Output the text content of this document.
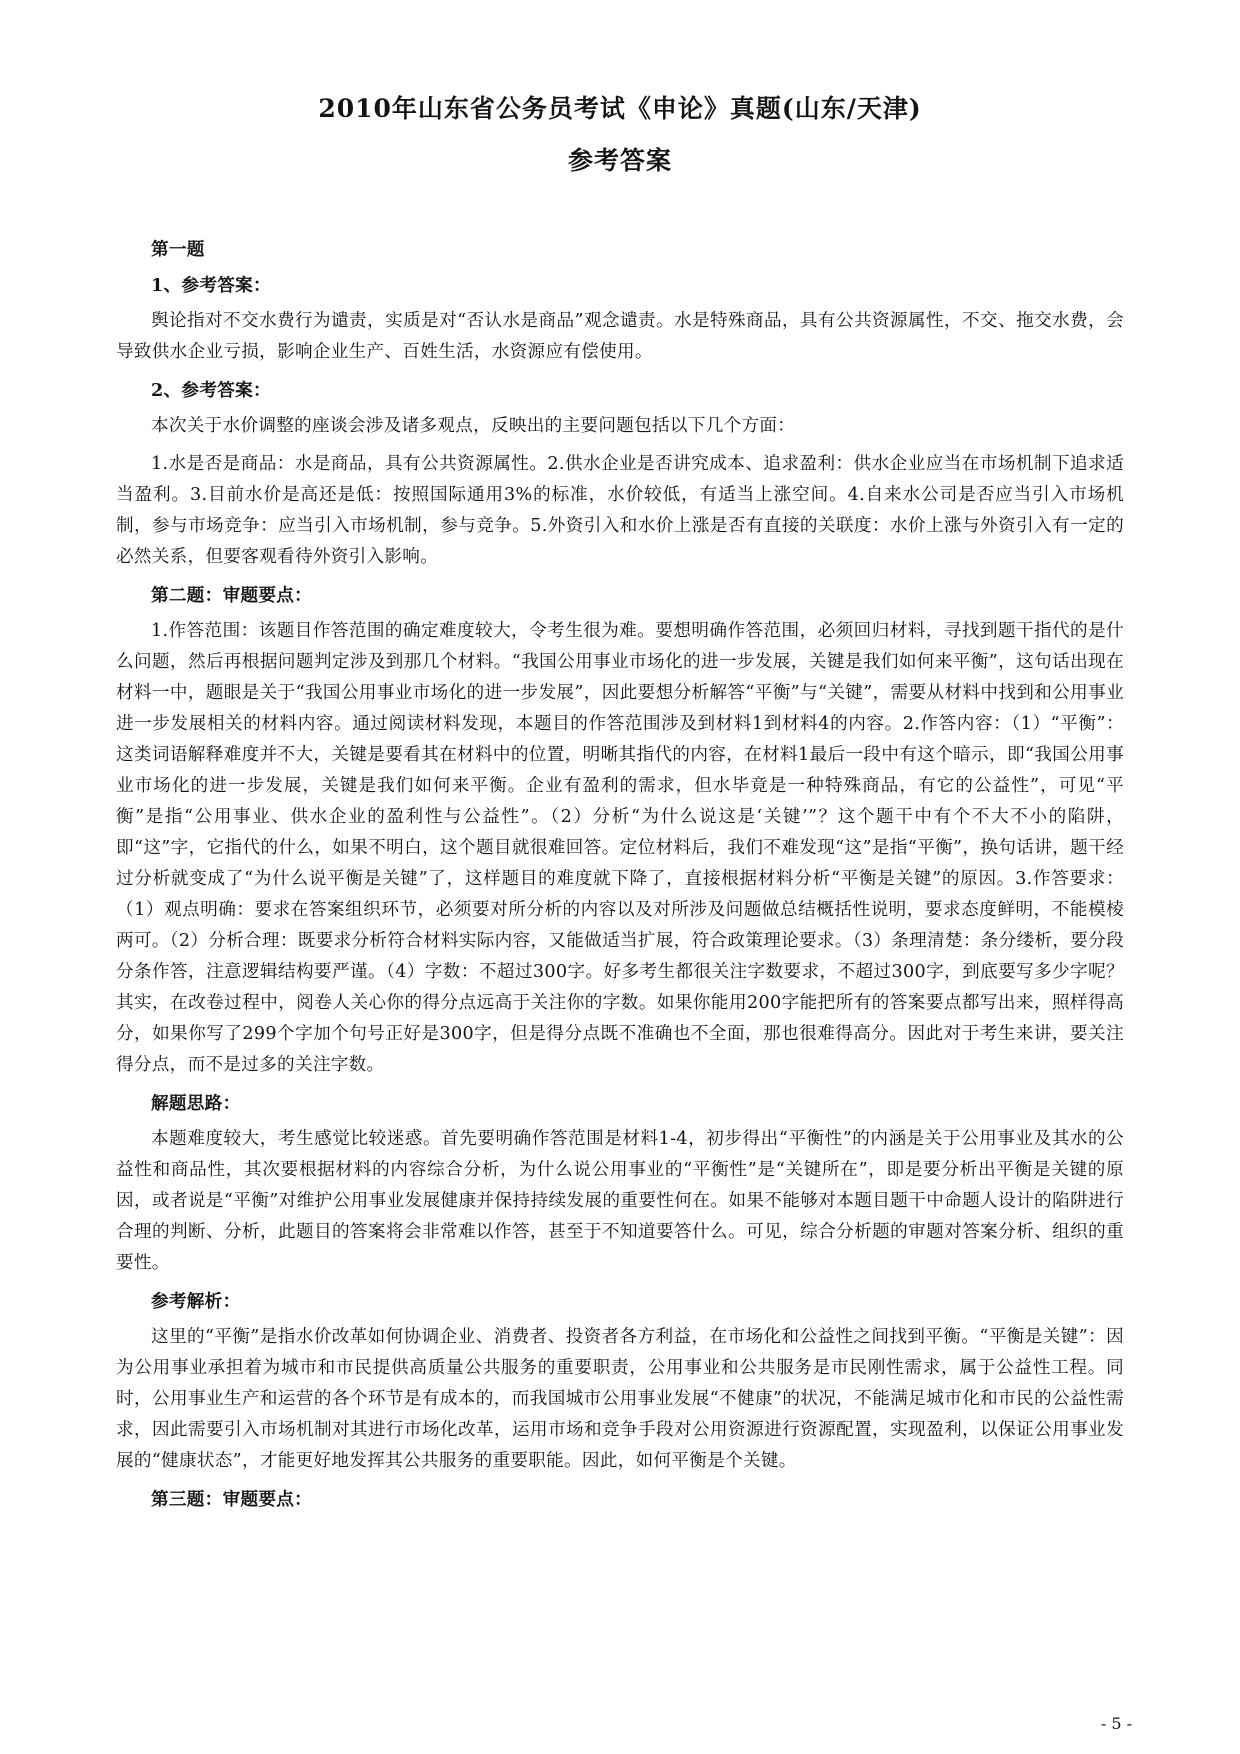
2010年山东省公务员考试《申论》真题(山东/天津)
参考答案
第一题
1、参考答案：
舆论指对不交水费行为谴责，实质是对“否认水是商品”观念谴责。水是特殊商品，具有公共资源属性，不交、拖交水费，会导致供水企业亏损，影响企业生产、百姓生活，水资源应有偿使用。
2、参考答案：
本次关于水价调整的座谈会涉及诸多观点，反映出的主要问题包括以下几个方面：
1.水是否是商品：水是商品，具有公共资源属性。2.供水企业是否讲究成本、追求盈利：供水企业应当在市场机制下追求适当盈利。3.目前水价是高还是低：按照国际通用3%的标准，水价较低，有适当上涨空间。4.自来水公司是否应当引入市场机制，参与市场竞争：应当引入市场机制，参与竞争。5.外资引入和水价上涨是否有直接的关联度：水价上涨与外资引入有一定的必然关系，但要客观看待外资引入影响。
第二题：审题要点：
1.作答范围：该题目作答范围的确定难度较大，令考生很为难。要想明确作答范围，必须回归材料，寻找到题干指代的是什么问题，然后再根据问题判定涉及到那几个材料。“我国公用事业市场化的进一步发展，关键是我们如何来平衡”，这句话出现在材料一中，题眼是关于“我国公用事业市场化的进一步发展”，因此要想分析解答“平衡”与“关键”，需要从材料中找到和公用事业进一步发展相关的材料内容。通过阅读材料发现，本题目的作答范围涉及到材料1到材料4的内容。2.作答内容：（1）“平衡”：这类词语解释难度并不大，关键是要看其在材料中的位置，明晰其指代的内容，在材料1最后一段中有这个暗示，即“我国公用事业市场化的进一步发展，关键是我们如何来平衡。企业有盈利的需求，但水毕竟是一种特殊商品，有它的公益性”，可见“平衡”是指“公用事业、供水企业的盈利性与公益性”。（2）分析“为什么说这是‘关键’”？这个题干中有个不大不小的陷阱，即“这”字，它指代的什么，如果不明白，这个题目就很难回答。定位材料后，我们不难发现“这”是指“平衡”，换句话讲，题干经过分析就变成了“为什么说平衡是关键”了，这样题目的难度就下降了，直接根据材料分析“平衡是关键”的原因。3.作答要求：（1）观点明确：要求在答案组织环节，必须要对所分析的内容以及对所涉及问题做总结概括性说明，要求态度鲜明，不能模棱两可。（2）分析合理：既要求分析符合材料实际内容，又能做适当扩展，符合政策理论要求。（3）条理清楚：条分缕析，要分段分条作答，注意逻辑结构要严谨。（4）字数：不超过300字。好多考生都很关注字数要求，不超过300字，到底要写多少字呢？其实，在改卷过程中，阅卷人关心你的得分点远高于关注你的字数。如果你能用200字能把所有的答案要点都写出来，照样得高分，如果你写了299个字加个句号正好是300字，但是得分点既不准确也不全面，那也很难得高分。因此对于考生来讲，要关注得分点，而不是过多的关注字数。
解题思路：
本题难度较大，考生感觉比较迷惑。首先要明确作答范围是材料1-4，初步得出“平衡性”的内涵是关于公用事业及其水的公益性和商品性，其次要根据材料的内容综合分析，为什么说公用事业的“平衡性”是“关键所在”，即是要分析出平衡是关键的原因，或者说是“平衡”对维护公用事业发展健康并保持持续发展的重要性何在。如果不能够对本题目题干中命题人设计的陷阱进行合理的判断、分析，此题目的答案将会非常难以作答，甚至于不知道要答什么。可见，综合分析题的审题对答案分析、组织的重要性。
参考解析：
这里的“平衡”是指水价改革如何协调企业、消费者、投资者各方利益，在市场化和公益性之间找到平衡。“平衡是关键”：因为公用事业承担着为城市和市民提供高质量公共服务的重要职责，公用事业和公共服务是市民刚性需求，属于公益性工程。同时，公用事业生产和运营的各个环节是有成本的，而我国城市公用事业发展“不健康”的状况，不能满足城市化和市民的公益性需求，因此需要引入市场机制对其进行市场化改革，运用市场和竞争手段对公用资源进行资源配置，实现盈利，以保证公用事业发展的“健康状态”，才能更好地发挥其公共服务的重要职能。因此，如何平衡是个关键。
第三题：审题要点：
- 5 -
